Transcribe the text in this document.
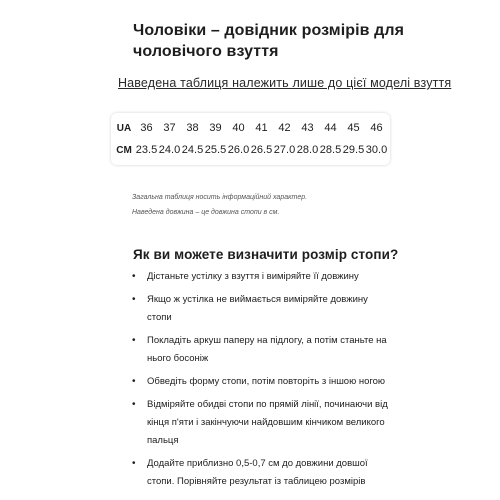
Чоловіки – довідник розмірів для чоловічого взуття
Наведена таблиця належить лише до цієї моделі взуття
UA	36	37	38	39	40	41	42	43	44	45	46
CM	23.5	24.0	24.5	25.5	26.0	26.5	27.0	28.0	28.5	29.5	30.0
Загальна таблиця носить інформаційний характер.
Наведена довжина – це довжина стопи в см.
Як ви можете визначити розмір стопи?
• Дістаньте устілку з взуття і виміряйте її довжину
• Якщо ж устілка не виймається виміряйте довжину стопи
• Покладіть аркуш паперу на підлогу, а потім станьте на нього босоніж
• Обведіть форму стопи, потім повторіть з іншою ногою
• Відміряйте обидві стопи по прямій лінії, починаючи від кінця п'яти і закінчуючи найдовшим кінчиком великого пальця
• Додайте приблизно 0,5-0,7 см до довжини довшої стопи. Порівняйте результат із таблицею розмірів
